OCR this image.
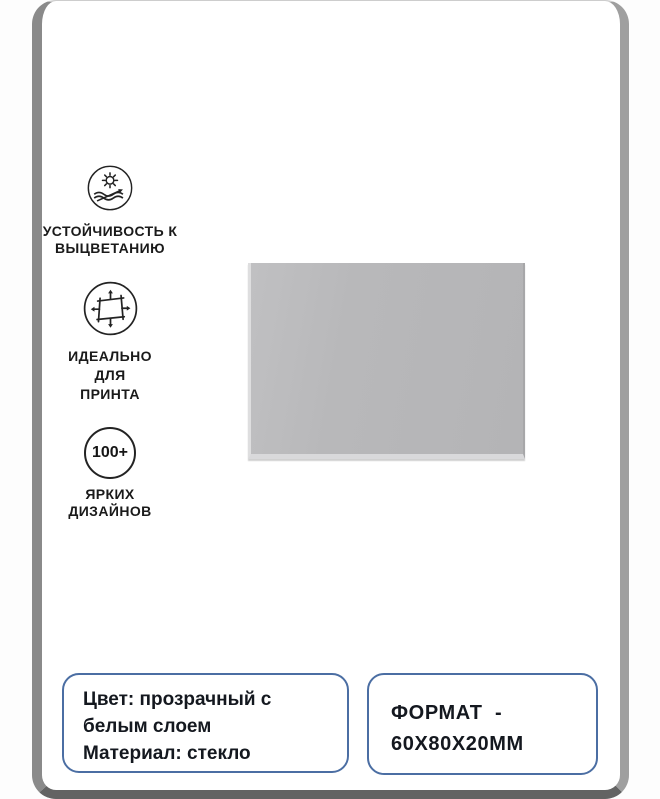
УСТОЙЧИВОСТЬ К
ВЫЦВЕТАНИЮ
ИДЕАЛЬНО
ДЛЯ
ПРИНТА
100+
ЯРКИХ
ДИЗАЙНОВ
Цвет: прозрачный с
белым слоем
Материал: стекло
ФОРМАТ  -
60X80X20ММ
